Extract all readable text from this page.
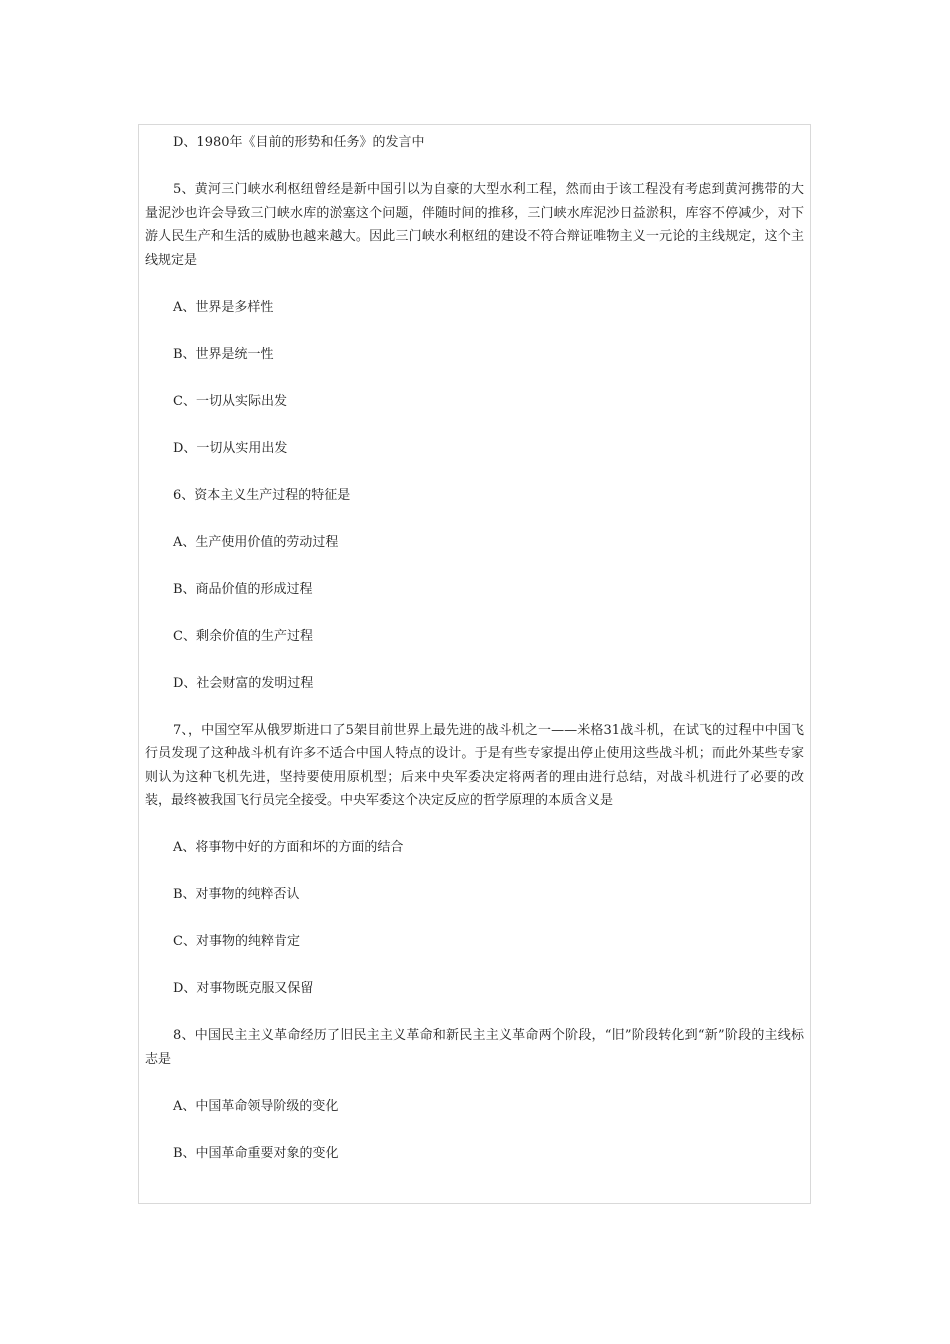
D、1980年《目前的形势和任务》的发言中

5、黄河三门峡水利枢纽曾经是新中国引以为自豪的大型水利工程，然而由于该工程没有考虑到黄河携带的大量泥沙也许会导致三门峡水库的淤塞这个问题，伴随时间的推移，三门峡水库泥沙日益淤积，库容不停减少，对下游人民生产和生活的威胁也越来越大。因此三门峡水利枢纽的建设不符合辩证唯物主义一元论的主线规定，这个主线规定是

A、世界是多样性

B、世界是统一性

C、一切从实际出发

D、一切从实用出发

6、资本主义生产过程的特征是

A、生产使用价值的劳动过程

B、商品价值的形成过程

C、剩余价值的生产过程

D、社会财富的发明过程

7、，中国空军从俄罗斯进口了5架目前世界上最先进的战斗机之一——米格31战斗机，在试飞的过程中中国飞行员发现了这种战斗机有许多不适合中国人特点的设计。于是有些专家提出停止使用这些战斗机；而此外某些专家则认为这种飞机先进，坚持要使用原机型；后来中央军委决定将两者的理由进行总结，对战斗机进行了必要的改装，最终被我国飞行员完全接受。中央军委这个决定反应的哲学原理的本质含义是

A、将事物中好的方面和坏的方面的结合

B、对事物的纯粹否认

C、对事物的纯粹肯定

D、对事物既克服又保留

8、中国民主主义革命经历了旧民主主义革命和新民主主义革命两个阶段，“旧”阶段转化到“新”阶段的主线标志是

A、中国革命领导阶级的变化

B、中国革命重要对象的变化
